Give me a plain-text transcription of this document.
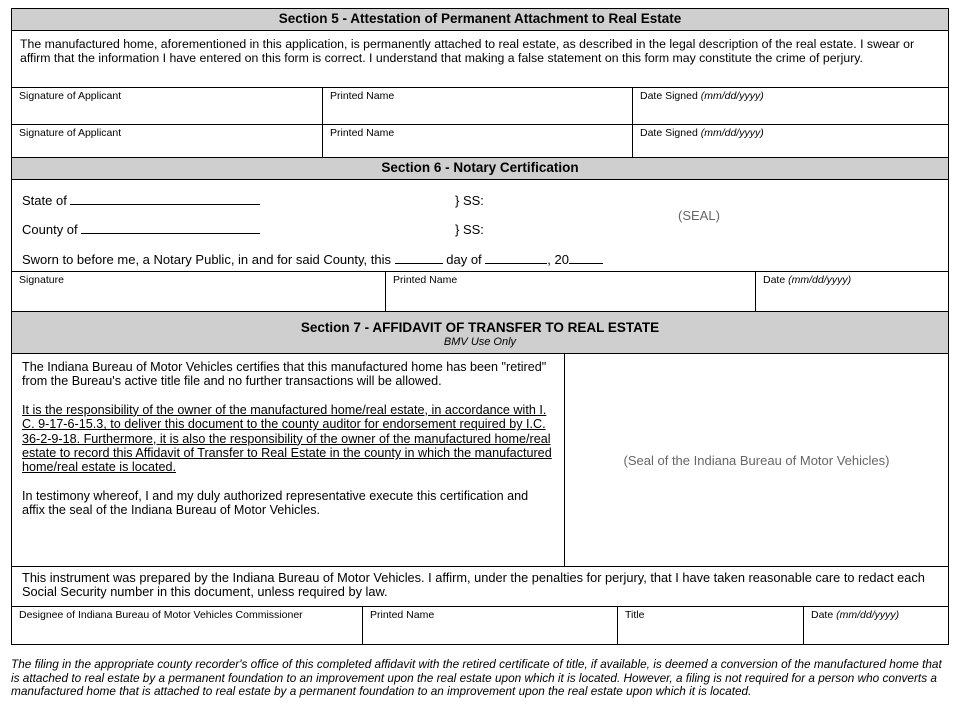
Section 5 - Attestation of Permanent Attachment to Real Estate

The manufactured home, aforementioned in this application, is permanently attached to real estate, as described in the legal description of the real estate. I swear or affirm that the information I have entered on this form is correct. I understand that making a false statement on this form may constitute the crime of perjury.

Signature of Applicant	Printed Name	Date Signed (mm/dd/yyyy)
Signature of Applicant	Printed Name	Date Signed (mm/dd/yyyy)
Section 6 - Notary Certification
State of	} SS:
(SEAL)
County of	} SS:
Sworn to before me, a Notary Public, in and for said County, this	day of	, 20
Signature	Printed Name	Date (mm/dd/yyyy)
Section 7 - AFFIDAVIT OF TRANSFER TO REAL ESTATE
BMV Use Only

The Indiana Bureau of Motor Vehicles certifies that this manufactured home has been "retired" from the Bureau's active title file and no further transactions will be allowed.

It is the responsibility of the owner of the manufactured home/real estate, in accordance with I. C. 9-17-6-15.3, to deliver this document to the county auditor for endorsement required by I.C. 36-2-9-18. Furthermore, it is also the responsibility of the owner of the manufactured home/real estate to record this Affidavit of Transfer to Real Estate in the county in which the manufactured home/real estate is located.

In testimony whereof, I and my duly authorized representative execute this certification and affix the seal of the Indiana Bureau of Motor Vehicles.

(Seal of the Indiana Bureau of Motor Vehicles)

This instrument was prepared by the Indiana Bureau of Motor Vehicles. I affirm, under the penalties for perjury, that I have taken reasonable care to redact each Social Security number in this document, unless required by law.

Designee of Indiana Bureau of Motor Vehicles Commissioner	Printed Name	Title	Date (mm/dd/yyyy)
The filing in the appropriate county recorder's office of this completed affidavit with the retired certificate of title, if available, is deemed a conversion of the manufactured home that is attached to real estate by a permanent foundation to an improvement upon the real estate upon which it is located. However, a filing is not required for a person who converts a manufactured home that is attached to real estate by a permanent foundation to an improvement upon the real estate upon which it is located.
